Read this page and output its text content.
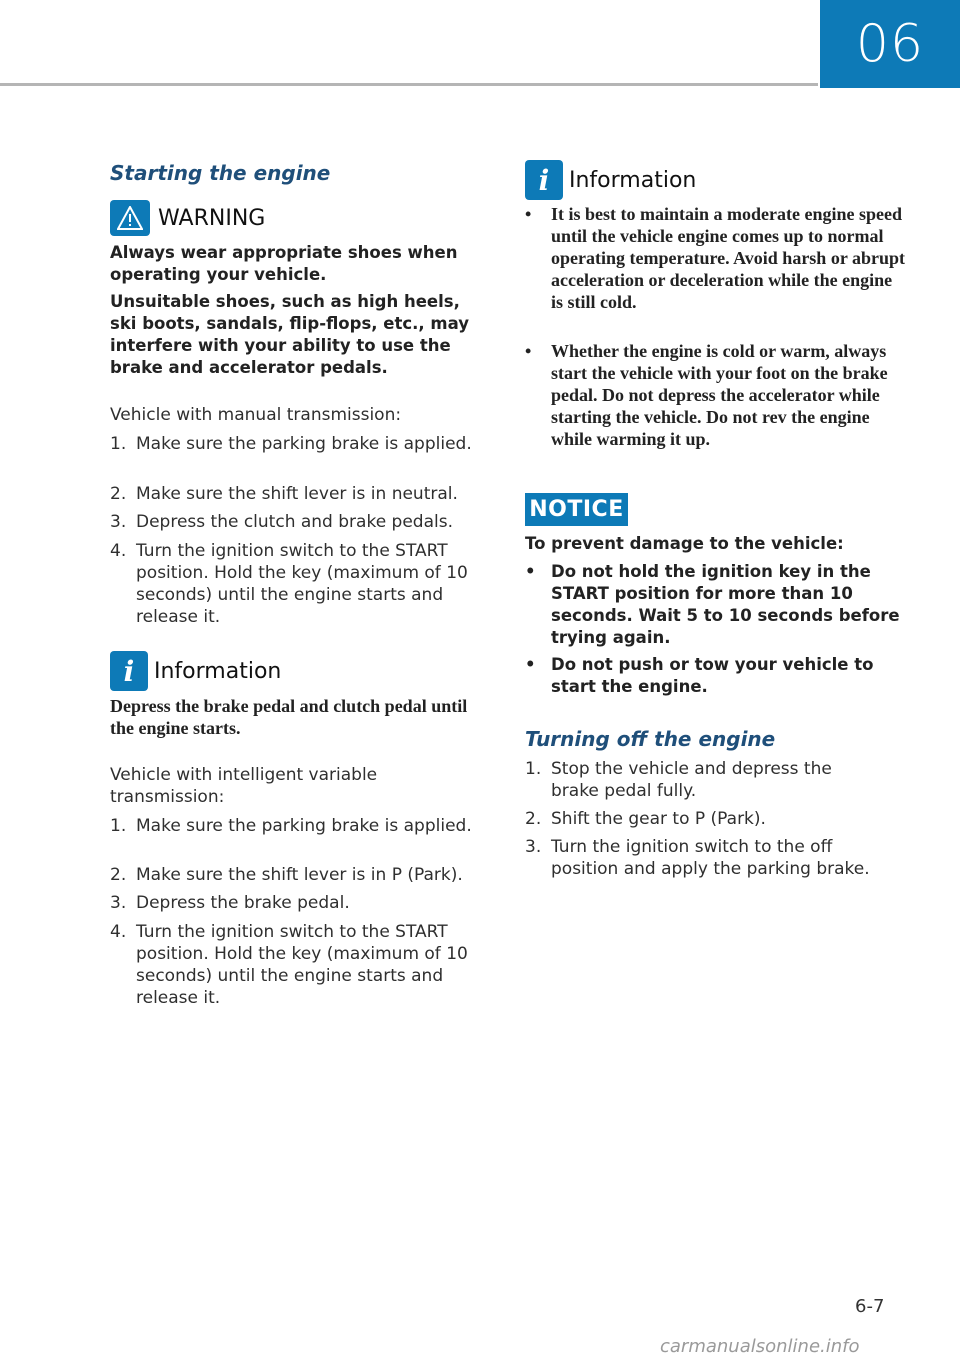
06
Starting the engine
WARNING
Always wear appropriate shoes when operating your vehicle.
Unsuitable shoes, such as high heels, ski boots, sandals, flip-flops, etc., may interfere with your ability to use the brake and accelerator pedals.
Vehicle with manual transmission:
1. Make sure the parking brake is applied.
2. Make sure the shift lever is in neutral.
3. Depress the clutch and brake pedals.
4. Turn the ignition switch to the START position. Hold the key (maximum of 10 seconds) until the engine starts and release it.
i Information
Depress the brake pedal and clutch pedal until the engine starts.
Vehicle with intelligent variable transmission:
1. Make sure the parking brake is applied.
2. Make sure the shift lever is in P (Park).
3. Depress the brake pedal.
4. Turn the ignition switch to the START position. Hold the key (maximum of 10 seconds) until the engine starts and release it.
i Information
• It is best to maintain a moderate engine speed until the vehicle engine comes up to normal operating temperature. Avoid harsh or abrupt acceleration or deceleration while the engine is still cold.
• Whether the engine is cold or warm, always start the vehicle with your foot on the brake pedal. Do not depress the accelerator while starting the vehicle. Do not rev the engine while warming it up.
NOTICE
To prevent damage to the vehicle:
• Do not hold the ignition key in the START position for more than 10 seconds. Wait 5 to 10 seconds before trying again.
• Do not push or tow your vehicle to start the engine.
Turning off the engine
1. Stop the vehicle and depress the brake pedal fully.
2. Shift the gear to P (Park).
3. Turn the ignition switch to the off position and apply the parking brake.
6-7
carmanualsonline.info
